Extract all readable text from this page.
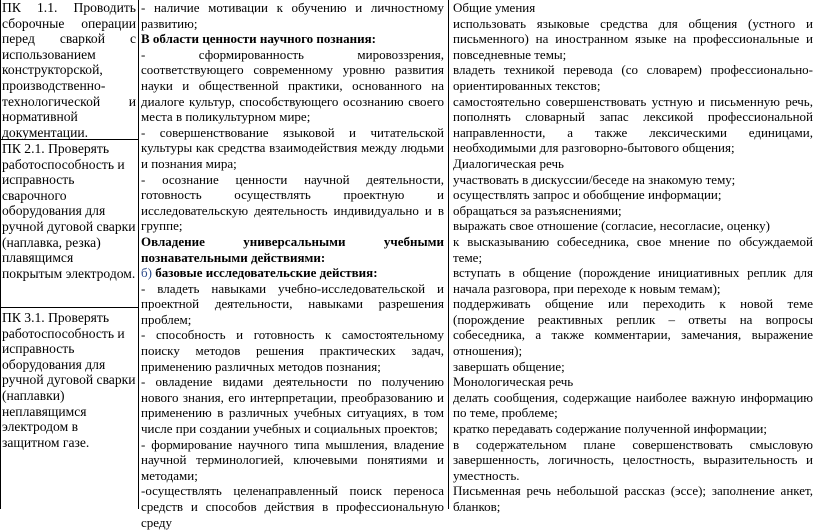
ПК 1.1. Проводить сборочные операции перед сваркой с использованием конструкторской, производственно-технологической и нормативной документации.

ПК 2.1. Проверять работоспособность и исправность сварочного оборудования для ручной дуговой сварки (наплавка, резка) плавящимся покрытым электродом.

ПК 3.1. Проверять работоспособность и исправность оборудования для ручной дуговой сварки (наплавки) неплавящимся электродом в защитном газе.

- наличие мотивации к обучению и личностному развитию;

В области ценности научного познания:

- сформированность мировоззрения, соответствующего современному уровню развития науки и общественной практики, основанного на диалоге культур, способствующего осознанию своего места в поликультурном мире;

- совершенствование языковой и читательской культуры как средства взаимодействия между людьми и познания мира;

- осознание ценности научной деятельности, готовность осуществлять проектную и исследовательскую деятельность индивидуально и в группе;

Овладение универсальными учебными познавательными действиями:

б) базовые исследовательские действия:

- владеть навыками учебно-исследовательской и проектной деятельности, навыками разрешения проблем;

- способность и готовность к самостоятельному поиску методов решения практических задач, применению различных методов познания;

- овладение видами деятельности по получению нового знания, его интерпретации, преобразованию и применению в различных учебных ситуациях, в том числе при создании учебных и социальных проектов;

- формирование научного типа мышления, владение научной терминологией, ключевыми понятиями и методами;

-осуществлять целенаправленный поиск переноса средств и способов действия в профессиональную среду

Общие умения

использовать языковые средства для общения (устного и письменного) на иностранном языке на профессиональные и повседневные темы;

владеть техникой перевода (со словарем) профессионально-ориентированных текстов;

самостоятельно совершенствовать устную и письменную речь, пополнять словарный запас лексикой профессиональной направленности, а также лексическими единицами, необходимыми для разговорно-бытового общения;

Диалогическая речь

участвовать в дискуссии/беседе на знакомую тему;

осуществлять запрос и обобщение информации;

обращаться за разъяснениями;

выражать свое отношение (согласие, несогласие, оценку)

к высказыванию собеседника, свое мнение по обсуждаемой теме;

вступать в общение (порождение инициативных реплик для начала разговора, при переходе к новым темам);

поддерживать общение или переходить к новой теме (порождение реактивных реплик – ответы на вопросы собеседника, а также комментарии, замечания, выражение отношения);

завершать общение;

Монологическая речь

делать сообщения, содержащие наиболее важную информацию по теме, проблеме;

кратко передавать содержание полученной информации;

в содержательном плане совершенствовать смысловую завершенность, логичность, целостность, выразительность и уместность.

Письменная речь небольшой рассказ (эссе); заполнение анкет, бланков;
